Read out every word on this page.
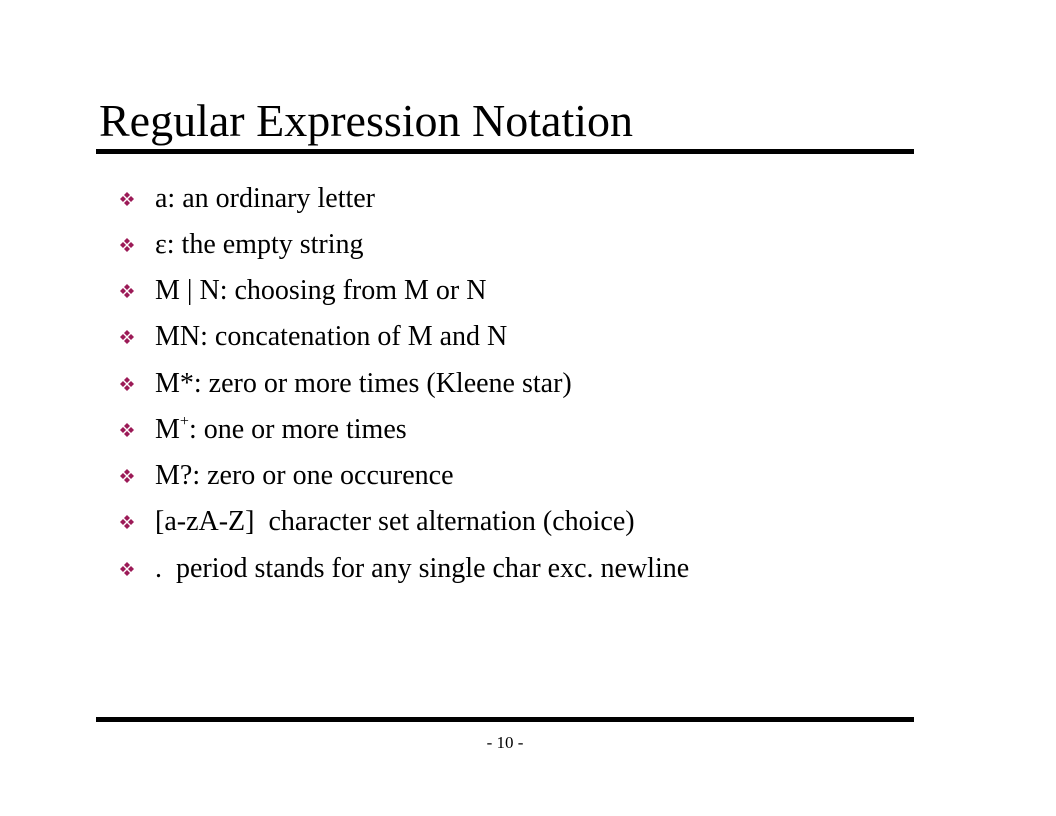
Regular Expression Notation
a: an ordinary letter
ε: the empty string
M | N: choosing from M or N
MN: concatenation of M and N
M*: zero or more times (Kleene star)
M+: one or more times
M?: zero or one occurence
[a-zA-Z]  character set alternation (choice)
.  period stands for any single char exc. newline
- 10 -
